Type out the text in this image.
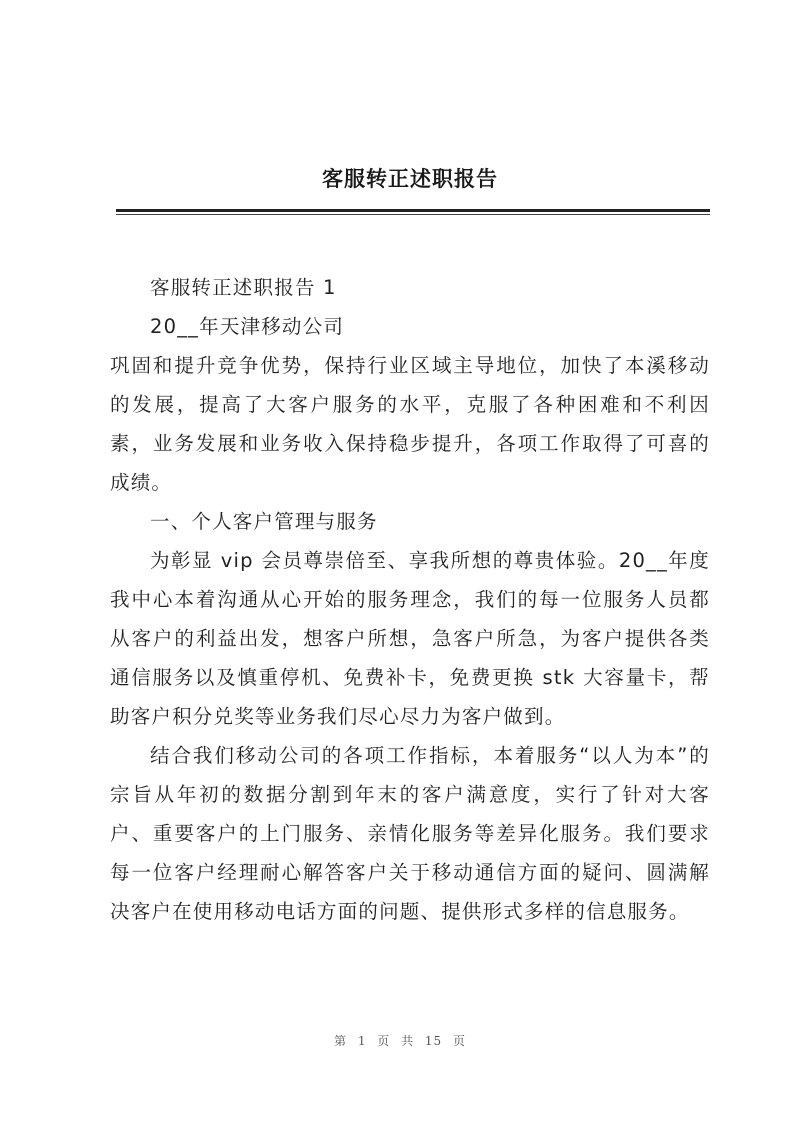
客服转正述职报告

客服转正述职报告 1

20__年天津移动公司

巩固和提升竞争优势，保持行业区域主导地位，加快了本溪移动的发展，提高了大客户服务的水平，克服了各种困难和不利因素，业务发展和业务收入保持稳步提升，各项工作取得了可喜的成绩。

一、个人客户管理与服务

为彰显 vip 会员尊崇倍至、享我所想的尊贵体验。20__年度我中心本着沟通从心开始的服务理念，我们的每一位服务人员都从客户的利益出发，想客户所想，急客户所急，为客户提供各类通信服务以及慎重停机、免费补卡，免费更换 stk 大容量卡，帮助客户积分兑奖等业务我们尽心尽力为客户做到。

结合我们移动公司的各项工作指标，本着服务“以人为本”的宗旨从年初的数据分割到年末的客户满意度，实行了针对大客户、重要客户的上门服务、亲情化服务等差异化服务。我们要求每一位客户经理耐心解答客户关于移动通信方面的疑问、圆满解决客户在使用移动电话方面的问题、提供形式多样的信息服务。

第 1 页 共 15 页
